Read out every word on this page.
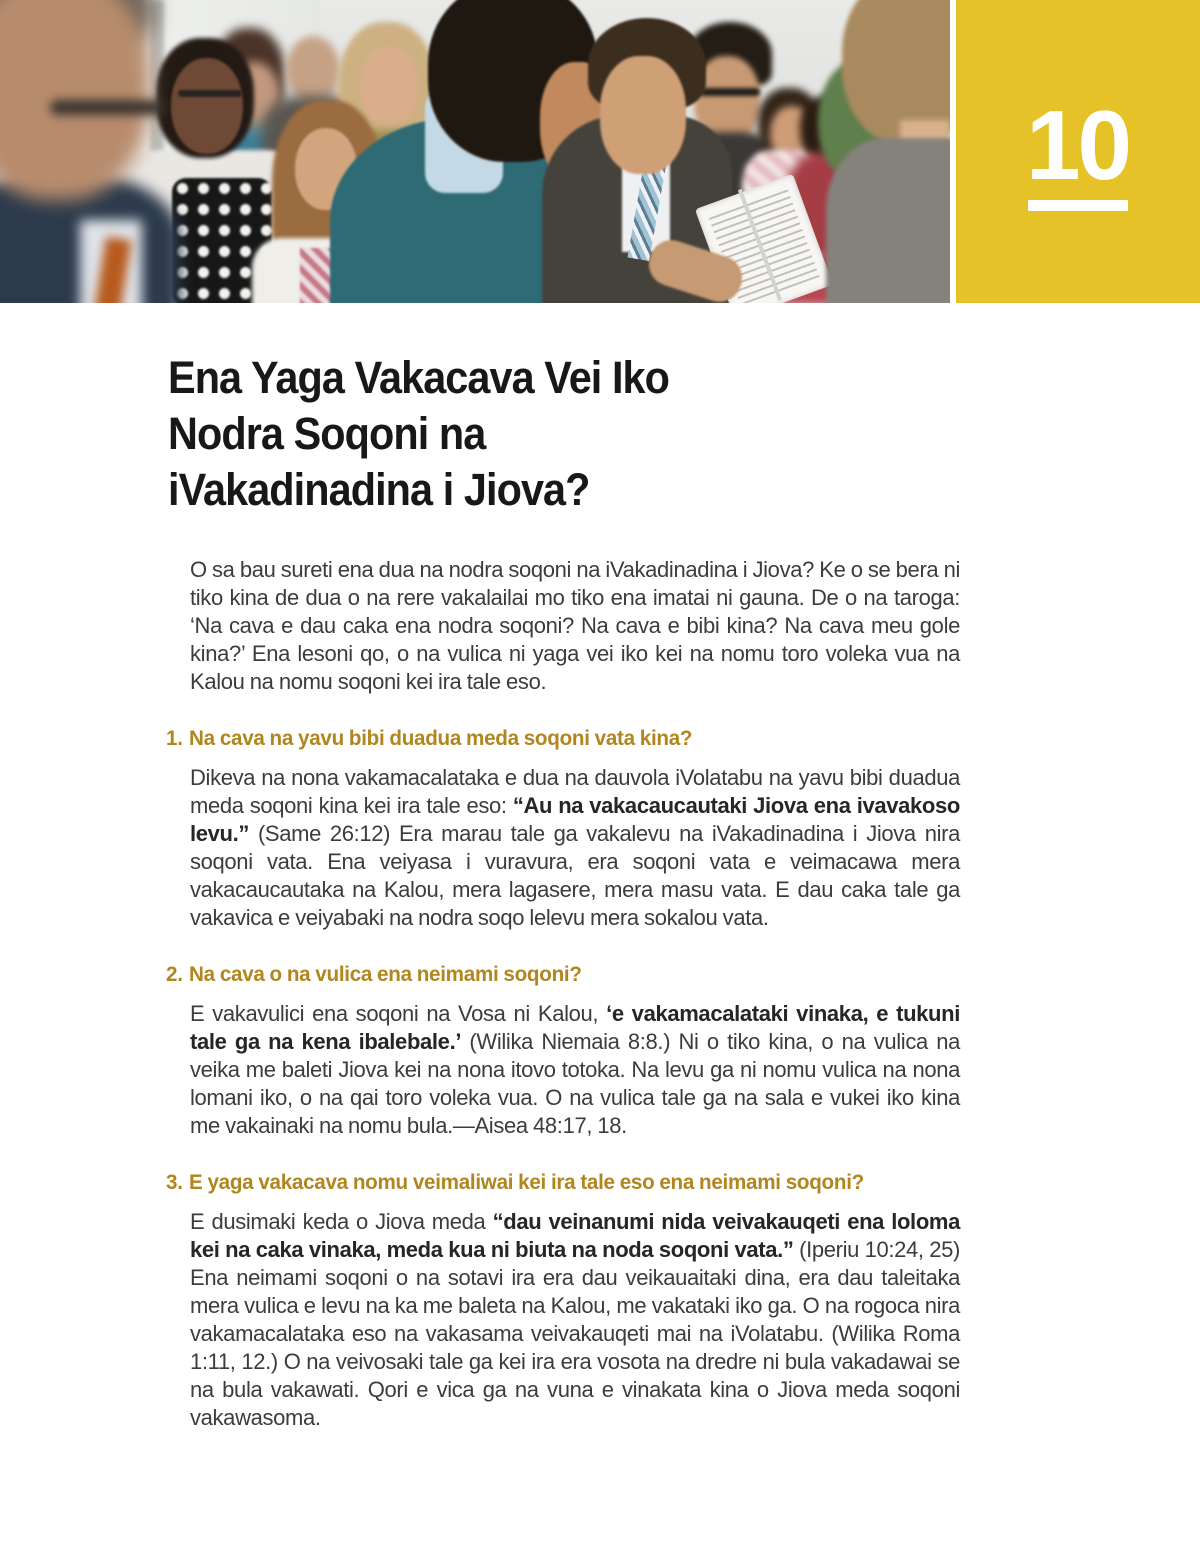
10
Ena Yaga Vakacava Vei Iko
Nodra Soqoni na
iVakadinadina i Jiova?

O sa bau sureti ena dua na nodra soqoni na iVakadinadina i Jiova? Ke o se bera ni tiko kina de dua o na rere vakalailai mo tiko ena imatai ni gauna. De o na taroga: ‘Na cava e dau caka ena nodra soqoni? Na cava e bibi kina? Na cava meu gole kina?’ Ena lesoni qo, o na vulica ni yaga vei iko kei na nomu toro voleka vua na Kalou na nomu soqoni kei ira tale eso.

1. Na cava na yavu bibi duadua meda soqoni vata kina?

Dikeva na nona vakamacalataka e dua na dauvola iVolatabu na yavu bibi duadua meda soqoni kina kei ira tale eso: “Au na vakacaucautaki Jiova ena ivavakoso levu.” (Same 26:12) Era marau tale ga vakalevu na iVakadinadina i Jiova nira soqoni vata. Ena veiyasa i vuravura, era soqoni vata e veimacawa mera vakacaucautaka na Kalou, mera lagasere, mera masu vata. E dau caka tale ga vakavica e veiyabaki na nodra soqo lelevu mera sokalou vata.

2. Na cava o na vulica ena neimami soqoni?

E vakavulici ena soqoni na Vosa ni Kalou, ‘e vakamacalataki vinaka, e tukuni tale ga na kena ibalebale.’ (Wilika Niemaia 8:8.) Ni o tiko kina, o na vulica na veika me baleti Jiova kei na nona itovo totoka. Na levu ga ni nomu vulica na nona lomani iko, o na qai toro voleka vua. O na vulica tale ga na sala e vukei iko kina me vakainaki na nomu bula.—Aisea 48:17, 18.

3. E yaga vakacava nomu veimaliwai kei ira tale eso ena neimami soqoni?

E dusimaki keda o Jiova meda “dau veinanumi nida veivakauqeti ena loloma kei na caka vinaka, meda kua ni biuta na noda soqoni vata.” (Iperiu 10:24, 25) Ena neimami soqoni o na sotavi ira era dau veikauaitaki dina, era dau taleitaka mera vulica e levu na ka me baleta na Kalou, me vakataki iko ga. O na rogoca nira vakamacalataka eso na vakasama veivakauqeti mai na iVolatabu. (Wilika Roma 1:11, 12.) O na veivosaki tale ga kei ira era vosota na dredre ni bula vakadawai se na bula vakawati. Qori e vica ga na vuna e vinakata kina o Jiova meda soqoni vakawasoma.
